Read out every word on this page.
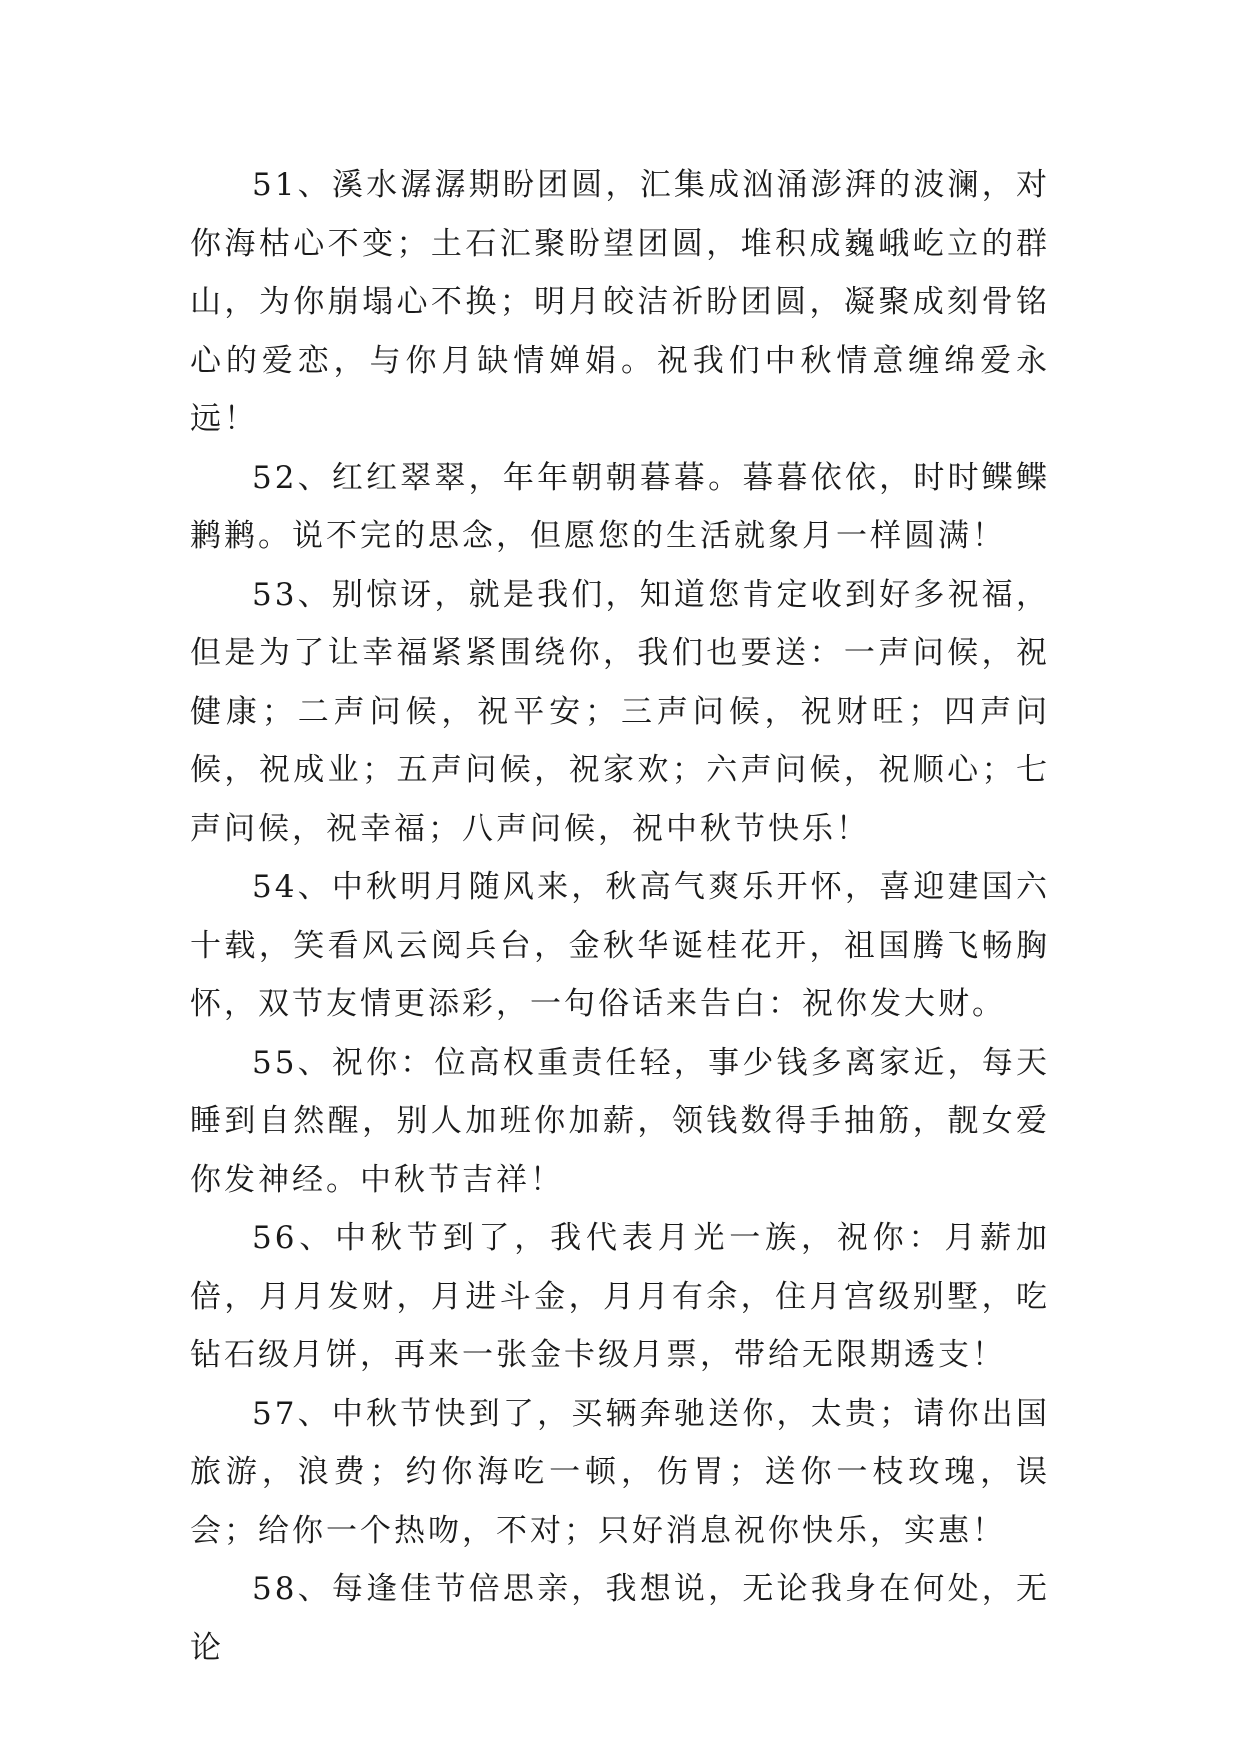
51、溪水潺潺期盼团圆，汇集成汹涌澎湃的波澜，对你海枯心不变；土石汇聚盼望团圆，堆积成巍峨屹立的群山，为你崩塌心不换；明月皎洁祈盼团圆，凝聚成刻骨铭心的爱恋，与你月缺情婵娟。祝我们中秋情意缠绵爱永远！

52、红红翠翠，年年朝朝暮暮。暮暮依依，时时鲽鲽鹣鹣。说不完的思念，但愿您的生活就象月一样圆满！

53、别惊讶，就是我们，知道您肯定收到好多祝福，但是为了让幸福紧紧围绕你，我们也要送：一声问候，祝健康；二声问候，祝平安；三声问候，祝财旺；四声问候，祝成业；五声问候，祝家欢；六声问候，祝顺心；七声问候，祝幸福；八声问候，祝中秋节快乐！

54、中秋明月随风来，秋高气爽乐开怀，喜迎建国六十载，笑看风云阅兵台，金秋华诞桂花开，祖国腾飞畅胸怀，双节友情更添彩，一句俗话来告白：祝你发大财。

55、祝你：位高权重责任轻，事少钱多离家近，每天睡到自然醒，别人加班你加薪，领钱数得手抽筋，靓女爱你发神经。中秋节吉祥！

56、中秋节到了，我代表月光一族，祝你：月薪加倍，月月发财，月进斗金，月月有余，住月宫级别墅，吃钻石级月饼，再来一张金卡级月票，带给无限期透支！

57、中秋节快到了，买辆奔驰送你，太贵；请你出国旅游，浪费；约你海吃一顿，伤胃；送你一枝玫瑰，误会；给你一个热吻，不对；只好消息祝你快乐，实惠！

58、每逢佳节倍思亲，我想说，无论我身在何处，无论
